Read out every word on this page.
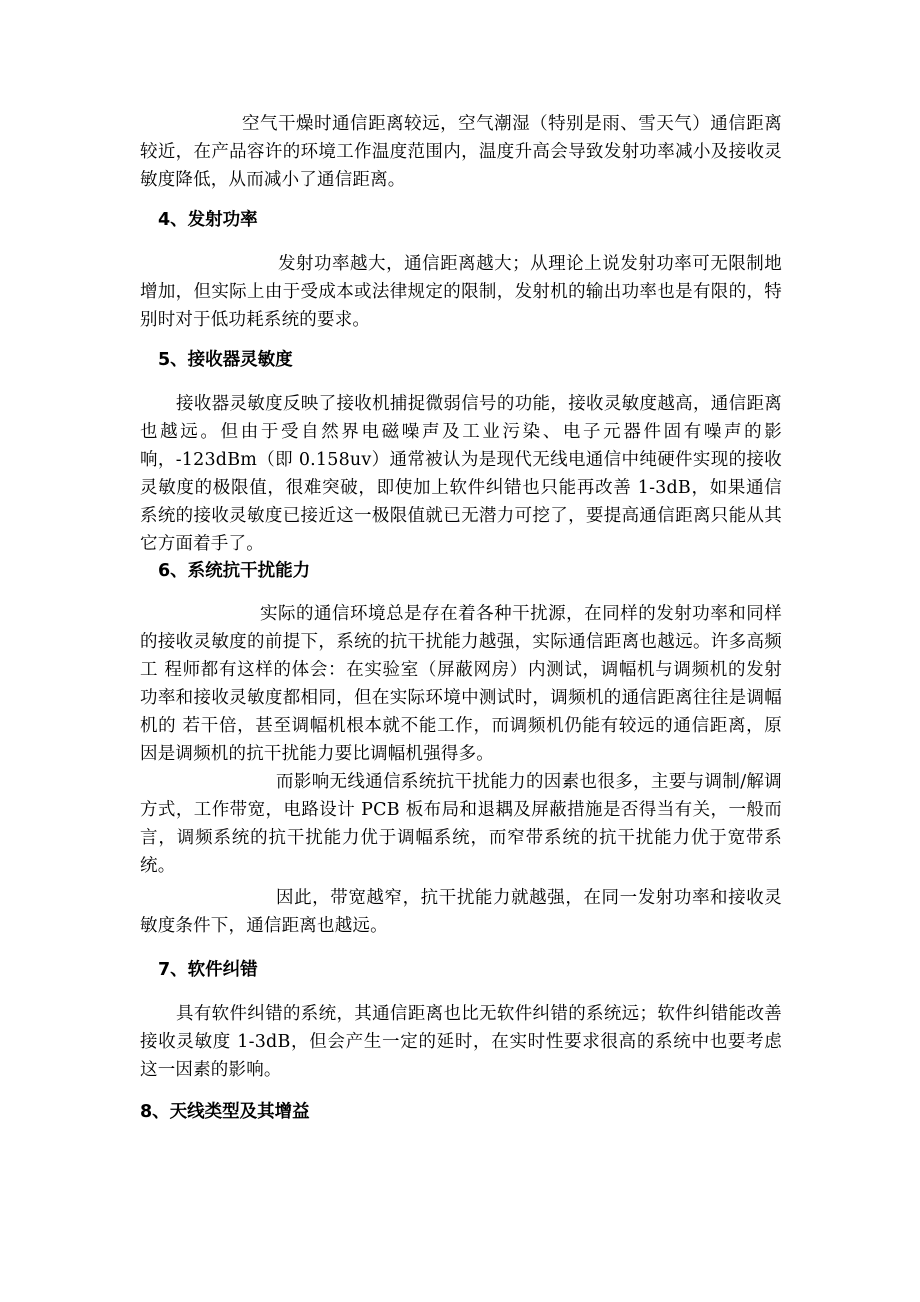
空气干燥时通信距离较远，空气潮湿（特别是雨、雪天气）通信距离较近，在产品容许的环境工作温度范围内，温度升高会导致发射功率减小及接收灵敏度降低，从而减小了通信距离。

4、发射功率

发射功率越大，通信距离越大；从理论上说发射功率可无限制地增加，但实际上由于受成本或法律规定的限制，发射机的输出功率也是有限的，特别时对于低功耗系统的要求。

5、接收器灵敏度

接收器灵敏度反映了接收机捕捉微弱信号的功能，接收灵敏度越高，通信距离也越远。但由于受自然界电磁噪声及工业污染、电子元器件固有噪声的影 响，-123dBm（即 0.158uv）通常被认为是现代无线电通信中纯硬件实现的接收灵敏度的极限值，很难突破，即使加上软件纠错也只能再改善 1-3dB，如果通信系统的接收灵敏度已接近这一极限值就已无潜力可挖了，要提高通信距离只能从其它方面着手了。

6、系统抗干扰能力

实际的通信环境总是存在着各种干扰源，在同样的发射功率和同样的接收灵敏度的前提下，系统的抗干扰能力越强，实际通信距离也越远。许多高频工 程师都有这样的体会：在实验室（屏蔽网房）内测试，调幅机与调频机的发射功率和接收灵敏度都相同，但在实际环境中测试时，调频机的通信距离往往是调幅机的 若干倍，甚至调幅机根本就不能工作，而调频机仍能有较远的通信距离，原因是调频机的抗干扰能力要比调幅机强得多。

而影响无线通信系统抗干扰能力的因素也很多，主要与调制/解调方式，工作带宽，电路设计 PCB 板布局和退耦及屏蔽措施是否得当有关，一般而言，调频系统的抗干扰能力优于调幅系统，而窄带系统的抗干扰能力优于宽带系统。

因此，带宽越窄，抗干扰能力就越强，在同一发射功率和接收灵敏度条件下，通信距离也越远。

7、软件纠错

具有软件纠错的系统，其通信距离也比无软件纠错的系统远；软件纠错能改善接收灵敏度 1-3dB，但会产生一定的延时，在实时性要求很高的系统中也要考虑这一因素的影响。

8、天线类型及其增益
